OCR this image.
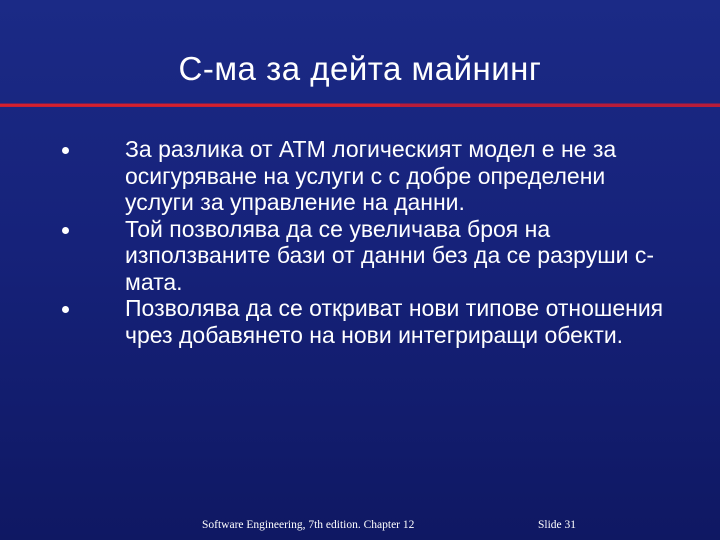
С-ма за дейта майнинг
За разлика от ATM логическият модел е не за осигуряване на услуги с с добре определени услуги за управление на данни.
Той позволява да се увеличава броя на използваните бази от данни без да се разруши с-мата.
Позволява да се откриват нови типове отношения чрез добавянето на нови интегриращи обекти.
Software Engineering, 7th edition. Chapter 12	Slide 31
